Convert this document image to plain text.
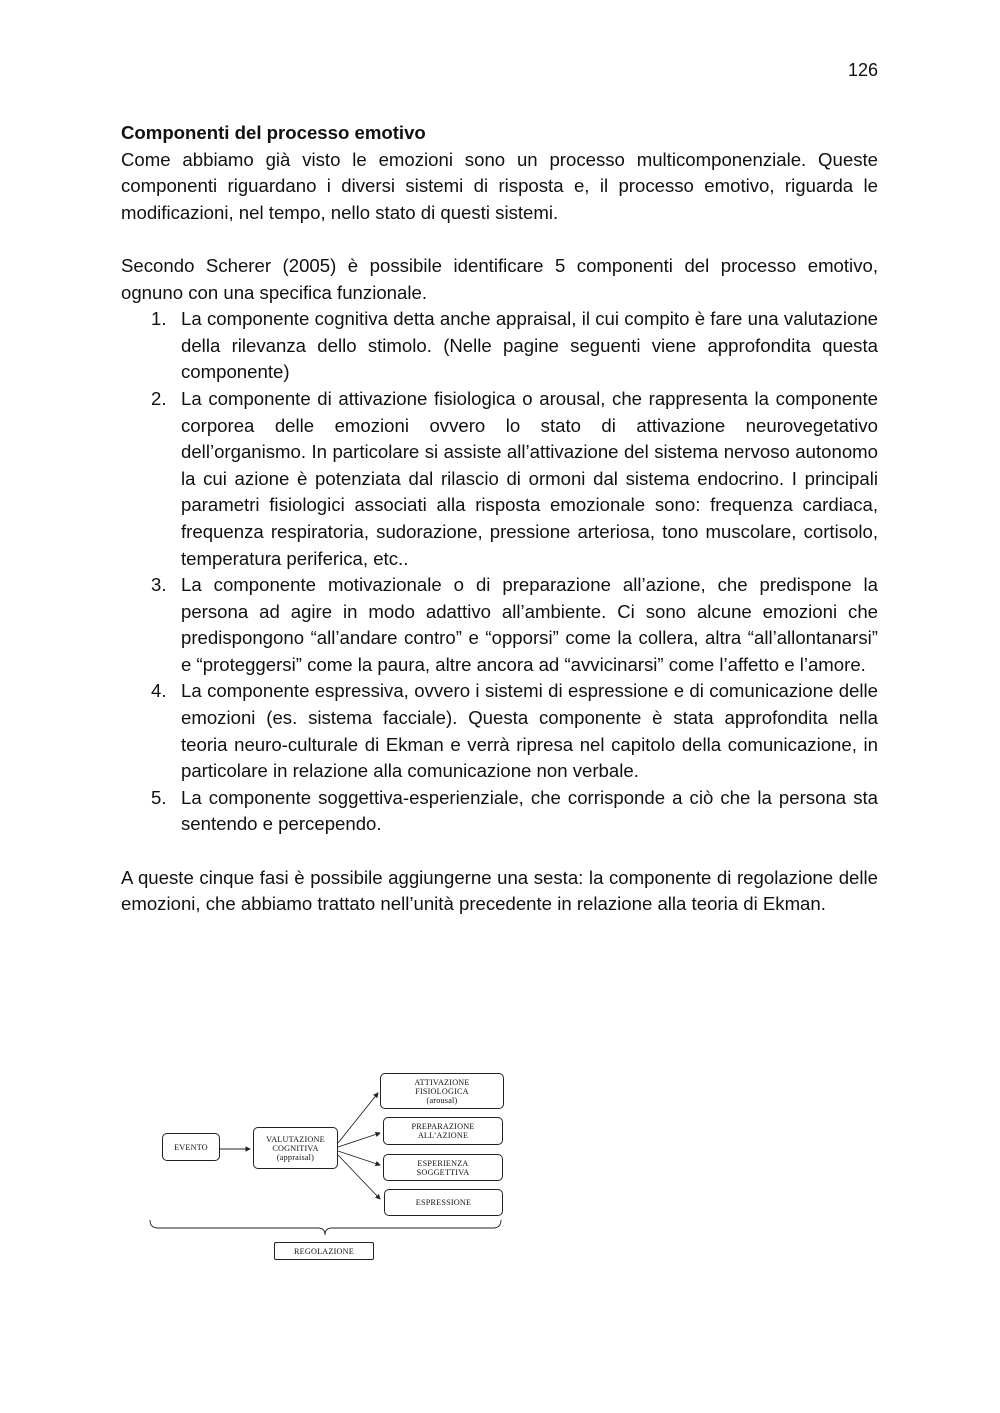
126

Componenti del processo emotivo

Come abbiamo già visto le emozioni sono un processo multicomponenziale. Queste componenti riguardano i diversi sistemi di risposta e, il processo emotivo, riguarda le modificazioni, nel tempo, nello stato di questi sistemi.

Secondo Scherer (2005) è possibile identificare 5 componenti del processo emotivo, ognuno con una specifica funzionale.

1. La componente cognitiva detta anche appraisal, il cui compito è fare una valutazione della rilevanza dello stimolo. (Nelle pagine seguenti viene approfondita questa componente)
2. La componente di attivazione fisiologica o arousal, che rappresenta la componente corporea delle emozioni ovvero lo stato di attivazione neurovegetativo dell’organismo. In particolare si assiste all’attivazione del sistema nervoso autonomo la cui azione è potenziata dal rilascio di ormoni dal sistema endocrino. I principali parametri fisiologici associati alla risposta emozionale sono: frequenza cardiaca, frequenza respiratoria, sudorazione, pressione arteriosa, tono muscolare, cortisolo, temperatura periferica, etc..
3. La componente motivazionale o di preparazione all’azione, che predispone la persona ad agire in modo adattivo all’ambiente. Ci sono alcune emozioni che predispongono “all’andare contro” e “opporsi” come la collera, altra “all’allontanarsi” e “proteggersi” come la paura, altre ancora ad “avvicinarsi” come l’affetto e l’amore.
4. La componente espressiva, ovvero i sistemi di espressione e di comunicazione delle emozioni (es. sistema facciale). Questa componente è stata approfondita nella teoria neuro-culturale di Ekman e verrà ripresa nel capitolo della comunicazione, in particolare in relazione alla comunicazione non verbale.
5. La componente soggettiva-esperienziale, che corrisponde a ciò che la persona sta sentendo e percependo.

A queste cinque fasi è possibile aggiungerne una sesta: la componente di regolazione delle emozioni, che abbiamo trattato nell’unità precedente in relazione alla teoria di Ekman.

EVENTO
VALUTAZIONE
COGNITIVA
(appraisal)
ATTIVAZIONE
FISIOLOGICA
(arousal)
PREPARAZIONE
ALL’AZIONE
ESPERIENZA
SOGGETTIVA
ESPRESSIONE
REGOLAZIONE
